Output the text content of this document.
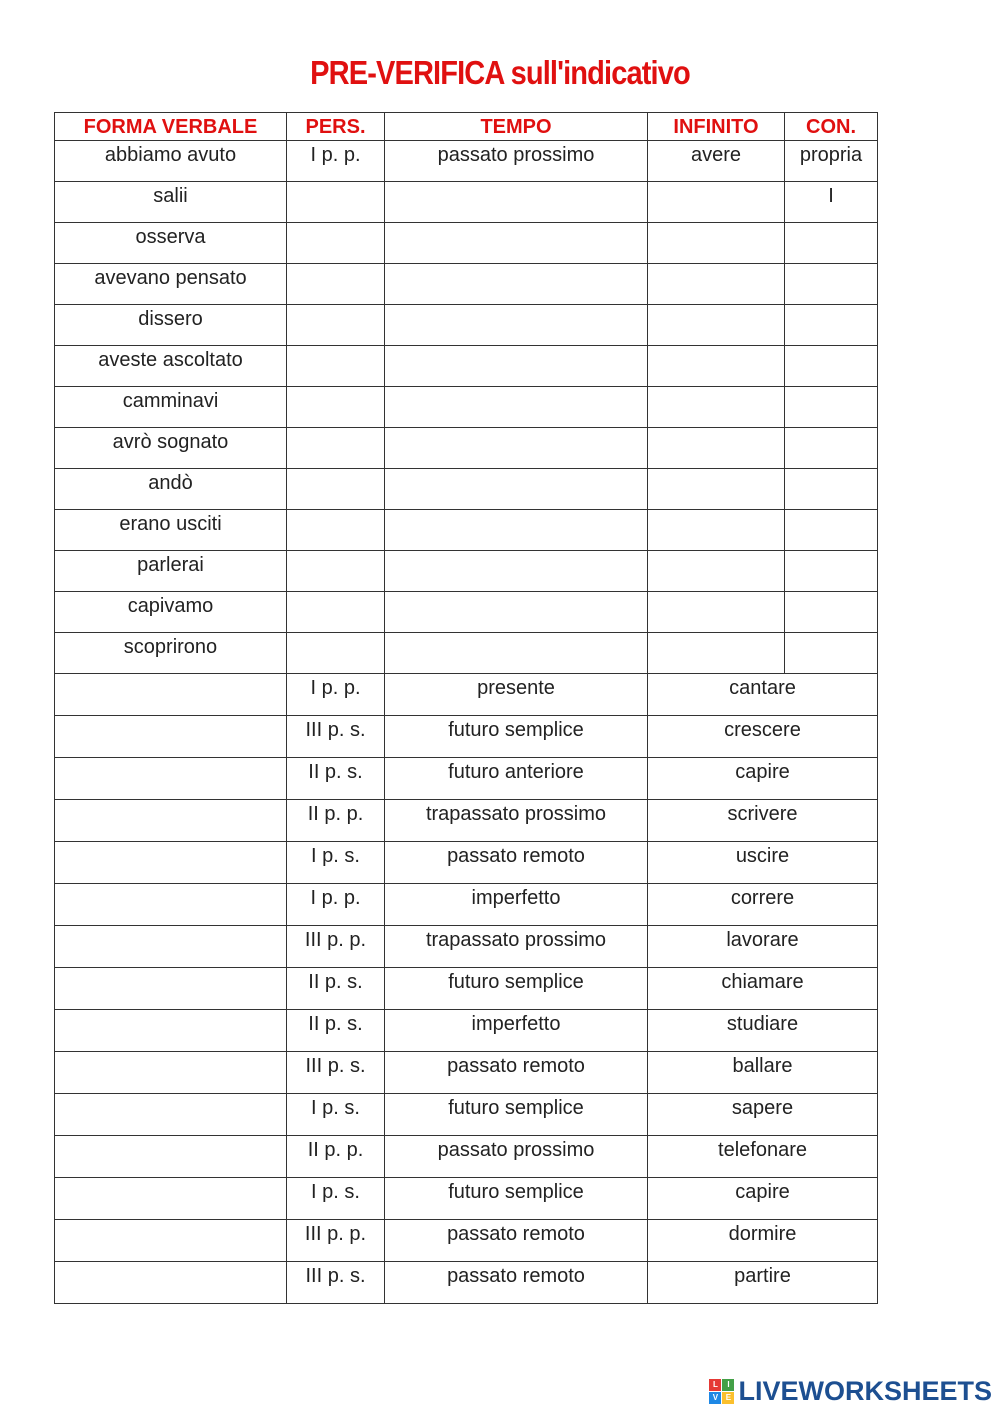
PRE-VERIFICA sull'indicativo
FORMA VERBALE	PERS.	TEMPO	INFINITO	CON.
abbiamo avuto	I p. p.	passato prossimo	avere	propria
salii				I
osserva				
avevano pensato				
dissero				
aveste ascoltato				
camminavi				
avrò sognato				
andò				
erano usciti				
parlerai				
capivamo				
scoprirono				
	I p. p.	presente	cantare	
	III p. s.	futuro semplice	crescere	
	II p. s.	futuro anteriore	capire	
	II p. p.	trapassato prossimo	scrivere	
	I p. s.	passato remoto	uscire	
	I p. p.	imperfetto	correre	
	III p. p.	trapassato prossimo	lavorare	
	II p. s.	futuro semplice	chiamare	
	II p. s.	imperfetto	studiare	
	III p. s.	passato remoto	ballare	
	I p. s.	futuro semplice	sapere	
	II p. p.	passato prossimo	telefonare	
	I p. s.	futuro semplice	capire	
	III p. p.	passato remoto	dormire	
	III p. s.	passato remoto	partire	
L	I
V E LIVEWORKSHEETS
